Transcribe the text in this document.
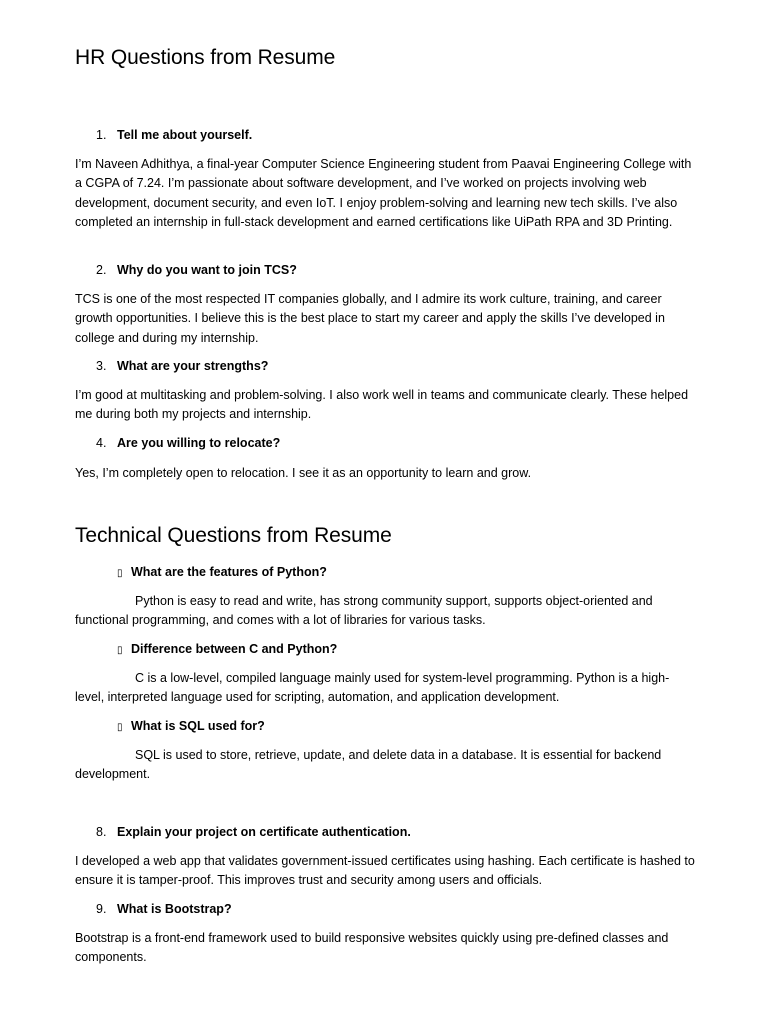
HR Questions from Resume
1. Tell me about yourself.

I’m Naveen Adhithya, a final-year Computer Science Engineering student from Paavai Engineering College with a CGPA of 7.24. I’m passionate about software development, and I’ve worked on projects involving web development, document security, and even IoT. I enjoy problem-solving and learning new tech skills. I’ve also completed an internship in full-stack development and earned certifications like UiPath RPA and 3D Printing.

2. Why do you want to join TCS?

TCS is one of the most respected IT companies globally, and I admire its work culture, training, and career growth opportunities. I believe this is the best place to start my career and apply the skills I’ve developed in college and during my internship.

3. What are your strengths?

I’m good at multitasking and problem-solving. I also work well in teams and communicate clearly. These helped me during both my projects and internship.

4. Are you willing to relocate?

Yes, I’m completely open to relocation. I see it as an opportunity to learn and grow.

Technical Questions from Resume
▯ What are the features of Python?

Python is easy to read and write, has strong community support, supports object-oriented and functional programming, and comes with a lot of libraries for various tasks.

▯ Difference between C and Python?

C is a low-level, compiled language mainly used for system-level programming. Python is a high-level, interpreted language used for scripting, automation, and application development.

▯ What is SQL used for?

SQL is used to store, retrieve, update, and delete data in a database. It is essential for backend development.

8. Explain your project on certificate authentication.

I developed a web app that validates government-issued certificates using hashing. Each certificate is hashed to ensure it is tamper-proof. This improves trust and security among users and officials.

9. What is Bootstrap?

Bootstrap is a front-end framework used to build responsive websites quickly using pre-defined classes and components.
